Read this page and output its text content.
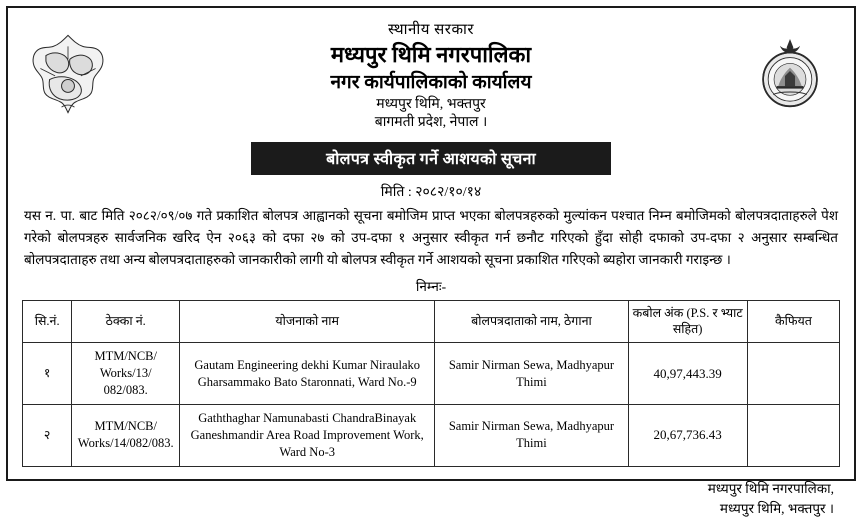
स्थानीय सरकार
मध्यपुर थिमि नगरपालिका
नगर कार्यपालिकाको कार्यालय
मध्यपुर थिमि, भक्तपुर
बागमती प्रदेश, नेपाल ।
बोलपत्र स्वीकृत गर्ने आशयको सूचना
मिति : २०८२/१०/१४
यस न. पा. बाट मिति २०८२/०९/०७ गते प्रकाशित बोलपत्र आह्वानको सूचना बमोजिम प्राप्त भएका बोलपत्रहरुको मुल्यांकन पश्चात निम्न बमोजिमको बोलपत्रदाताहरुले पेश गरेको बोलपत्रहरु सार्वजनिक खरिद ऐन २०६३ को दफा २७ को उप-दफा १ अनुसार स्वीकृत गर्न छनौट गरिएको हुँदा सोही दफाको उप-दफा २ अनुसार सम्बन्धित बोलपत्रदाताहरु तथा अन्य बोलपत्रदाताहरुको जानकारीको लागी यो बोलपत्र स्वीकृत गर्ने आशयको सूचना प्रकाशित गरिएको ब्यहोरा जानकारी गराइन्छ ।
निम्नः-
सि.नं.	ठेक्का नं.	योजनाको नाम	बोलपत्रदाताको नाम, ठेगाना	कबोल अंक (P.S. र भ्याट सहित)	कैफियत
१	MTM/NCB/ Works/13/ 082/083.	Gautam Engineering dekhi Kumar Niraulako Gharsammako Bato Staronnati, Ward No.-9	Samir Nirman Sewa, Madhyapur Thimi	40,97,443.39	
२	MTM/NCB/ Works/14/082/083.	Gaththaghar Namunabasti ChandraBinayak Ganeshmandir Area Road Improvement Work, Ward No-3	Samir Nirman Sewa, Madhyapur Thimi	20,67,736.43	
मध्यपुर थिमि नगरपालिका,
मध्यपुर थिमि, भक्तपुर ।
